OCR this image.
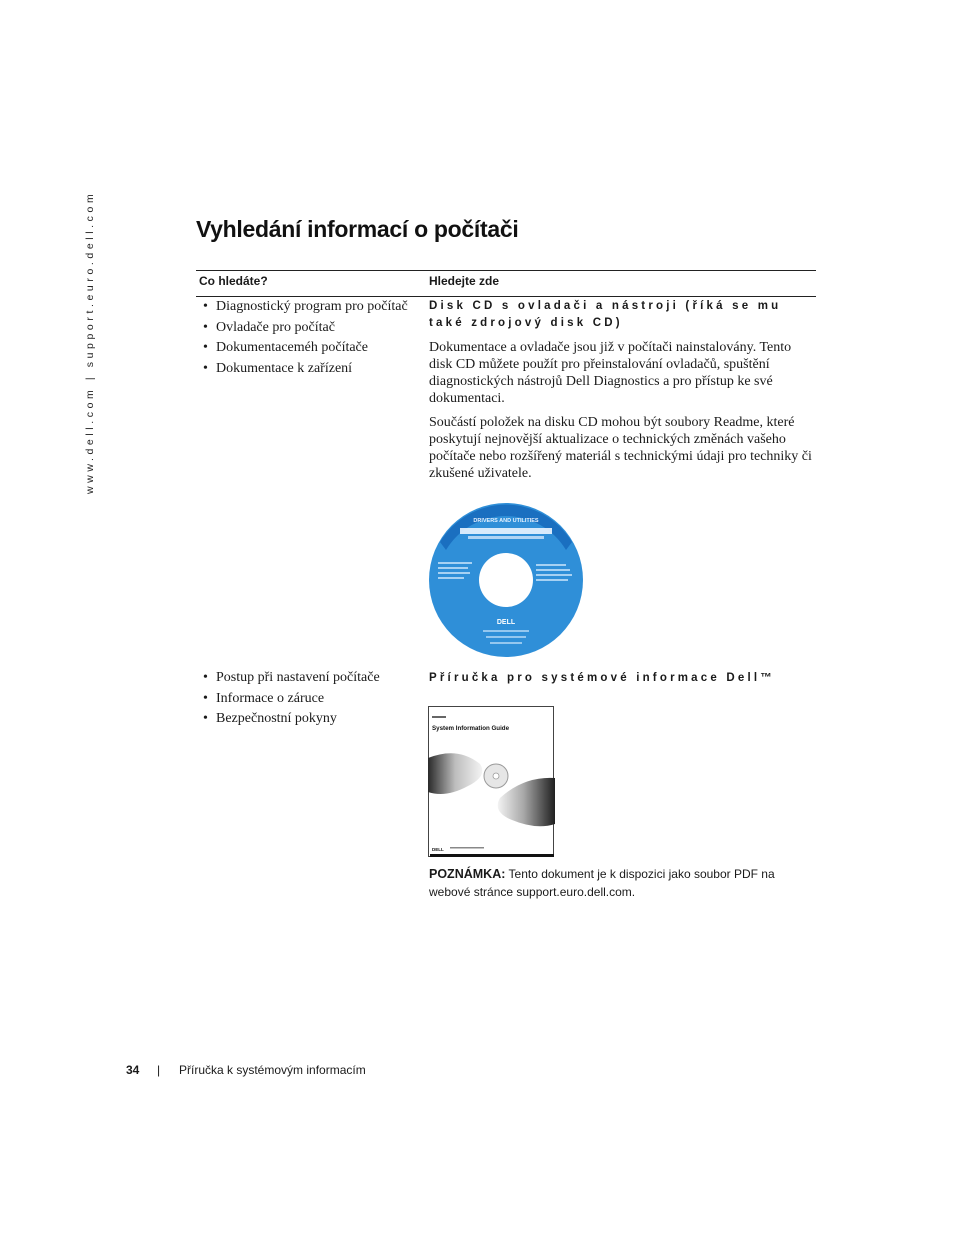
www.dell.com | support.euro.dell.com	Vyhledání informací o počítači
Co hledáte?	Hledejte zde
• Diagnostický program pro počítač
• Ovladače pro počítač
• Dokumentaceméh počítače
• Dokumentace k zařízení
Disk CD s ovladači a nástroji (říká se mu také zdrojový disk CD)

Dokumentace a ovladače jsou již v počítači nainstalovány. Tento disk CD můžete použít pro přeinstalování ovladačů, spuštění diagnostických nástrojů Dell Diagnostics a pro přístup ke své dokumentaci.

Součástí položek na disku CD mohou být soubory Readme, které poskytují nejnovější aktualizace o technických změnách vašeho počítače nebo rozšířený materiál s technickými údaji pro techniky či zkušené uživatele.

DRIVERS AND UTILITIES
DELL
• Postup při nastavení počítače
• Informace o záruce
• Bezpečnostní pokyny
Příručka pro systémové informace Dell™
System Information Guide
DELL

POZNÁMKA: Tento dokument je k dispozici jako soubor PDF na webové stránce support.euro.dell.com.

34 | Příručka k systémovým informacím
